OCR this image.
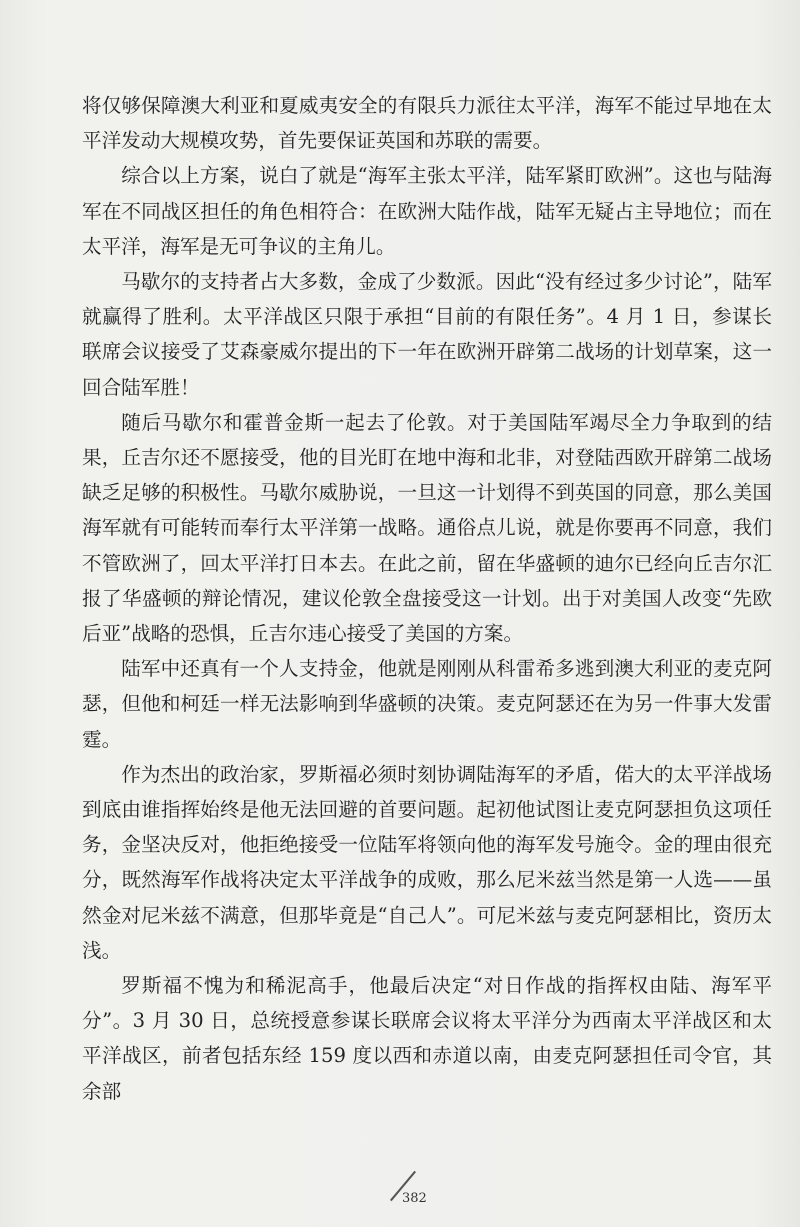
将仅够保障澳大利亚和夏威夷安全的有限兵力派往太平洋，海军不能过早地在太平洋发动大规模攻势，首先要保证英国和苏联的需要。

综合以上方案，说白了就是“海军主张太平洋，陆军紧盯欧洲”。这也与陆海军在不同战区担任的角色相符合：在欧洲大陆作战，陆军无疑占主导地位；而在太平洋，海军是无可争议的主角儿。

马歇尔的支持者占大多数，金成了少数派。因此“没有经过多少讨论”，陆军就赢得了胜利。太平洋战区只限于承担“目前的有限任务”。4 月 1 日，参谋长联席会议接受了艾森豪威尔提出的下一年在欧洲开辟第二战场的计划草案，这一回合陆军胜！

随后马歇尔和霍普金斯一起去了伦敦。对于美国陆军竭尽全力争取到的结果，丘吉尔还不愿接受，他的目光盯在地中海和北非，对登陆西欧开辟第二战场缺乏足够的积极性。马歇尔威胁说，一旦这一计划得不到英国的同意，那么美国海军就有可能转而奉行太平洋第一战略。通俗点儿说，就是你要再不同意，我们不管欧洲了，回太平洋打日本去。在此之前，留在华盛顿的迪尔已经向丘吉尔汇报了华盛顿的辩论情况，建议伦敦全盘接受这一计划。出于对美国人改变“先欧后亚”战略的恐惧，丘吉尔违心接受了美国的方案。

陆军中还真有一个人支持金，他就是刚刚从科雷希多逃到澳大利亚的麦克阿瑟，但他和柯廷一样无法影响到华盛顿的决策。麦克阿瑟还在为另一件事大发雷霆。

作为杰出的政治家，罗斯福必须时刻协调陆海军的矛盾，偌大的太平洋战场到底由谁指挥始终是他无法回避的首要问题。起初他试图让麦克阿瑟担负这项任务，金坚决反对，他拒绝接受一位陆军将领向他的海军发号施令。金的理由很充分，既然海军作战将决定太平洋战争的成败，那么尼米兹当然是第一人选——虽然金对尼米兹不满意，但那毕竟是“自己人”。可尼米兹与麦克阿瑟相比，资历太浅。

罗斯福不愧为和稀泥高手，他最后决定“对日作战的指挥权由陆、海军平分”。3 月 30 日，总统授意参谋长联席会议将太平洋分为西南太平洋战区和太平洋战区，前者包括东经 159 度以西和赤道以南，由麦克阿瑟担任司令官，其余部

382
